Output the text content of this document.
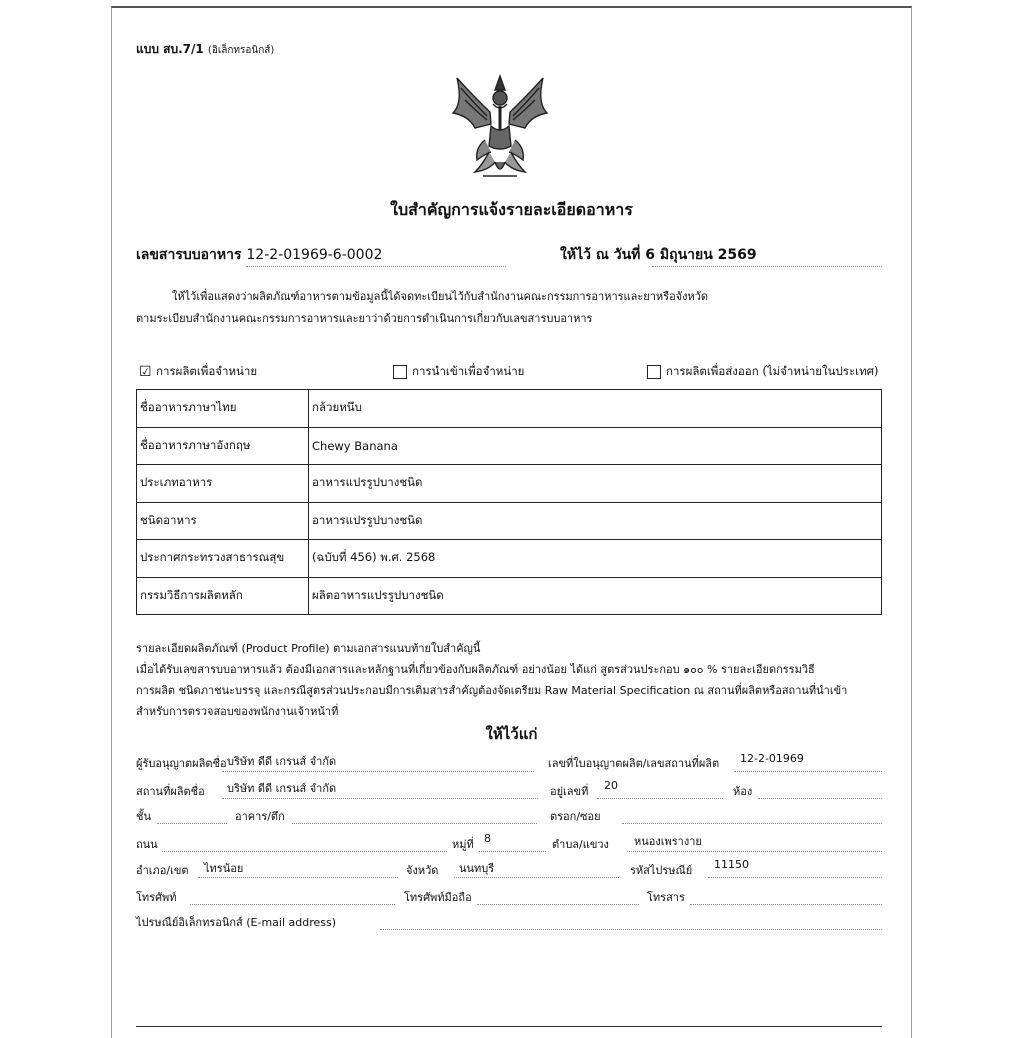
แบบ สบ.7/1 (อิเล็กทรอนิกส์)
ใบสำคัญการแจ้งรายละเอียดอาหาร
เลขสารบบอาหาร 12-2-01969-6-0002	ให้ไว้ ณ วันที่ 6 มิถุนายน 2569
ให้ไว้เพื่อแสดงว่าผลิตภัณฑ์อาหารตามข้อมูลนี้ได้จดทะเบียนไว้กับสำนักงานคณะกรรมการอาหารและยาหรือจังหวัด
ตามระเบียบสำนักงานคณะกรรมการอาหารและยาว่าด้วยการดำเนินการเกี่ยวกับเลขสารบบอาหาร
☑ การผลิตเพื่อจำหน่าย	การนำเข้าเพื่อจำหน่าย	การผลิตเพื่อส่งออก (ไม่จำหน่ายในประเทศ)
ชื่ออาหารภาษาไทย	กล้วยหนึบ
ชื่ออาหารภาษาอังกฤษ	Chewy Banana
ประเภทอาหาร	อาหารแปรรูปบางชนิด
ชนิดอาหาร	อาหารแปรรูปบางชนิด
ประกาศกระทรวงสาธารณสุข	(ฉบับที่ 456) พ.ศ. 2568
กรรมวิธีการผลิตหลัก	ผลิตอาหารแปรรูปบางชนิด
รายละเอียดผลิตภัณฑ์ (Product Profile) ตามเอกสารแนบท้ายใบสำคัญนี้
เมื่อได้รับเลขสารบบอาหารแล้ว ต้องมีเอกสารและหลักฐานที่เกี่ยวข้องกับผลิตภัณฑ์ อย่างน้อย ได้แก่ สูตรส่วนประกอบ ๑๐๐ % รายละเอียดกรรมวิธี
การผลิต ชนิดภาชนะบรรจุ และกรณีสูตรส่วนประกอบมีการเติมสารสำคัญต้องจัดเตรียม Raw Material Specification ณ สถานที่ผลิตหรือสถานที่นำเข้า
สำหรับการตรวจสอบของพนักงานเจ้าหน้าที่
ให้ไว้แก่
ผู้รับอนุญาตผลิตชื่อ บริษัท ดีดี เกรนส์ จำกัด	เลขที่ใบอนุญาตผลิต/เลขสถานที่ผลิต 12-2-01969
สถานที่ผลิตชื่อ บริษัท ดีดี เกรนส์ จำกัด	อยู่เลขที่ 20	ห้อง
ชั้น	อาคาร/ตึก	ตรอก/ซอย
ถนน	หมู่ที่ 8	ตำบล/แขวง หนองเพรางาย
อำเภอ/เขต ไทรน้อย	จังหวัด นนทบุรี	รหัสไปรษณีย์ 11150
โทรศัพท์	โทรศัพท์มือถือ	โทรสาร
ไปรษณีย์อิเล็กทรอนิกส์ (E-mail address)
